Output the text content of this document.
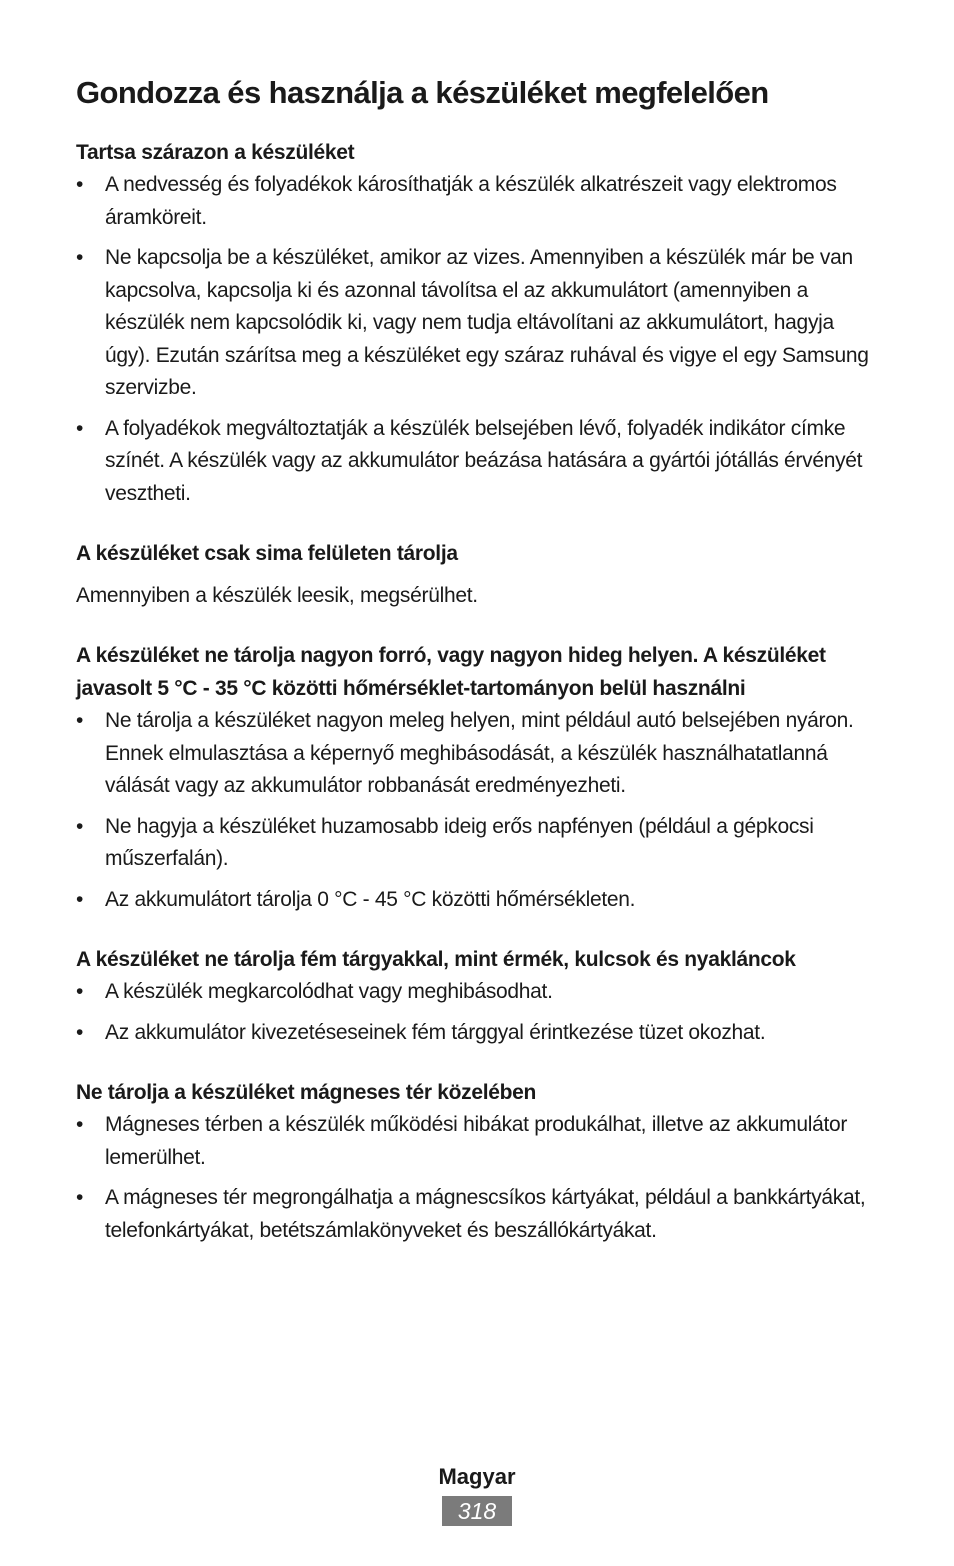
Gondozza és használja a készüléket megfelelően
Tartsa szárazon a készüléket
• A nedvesség és folyadékok károsíthatják a készülék alkatrészeit vagy elektromos áramköreit.
• Ne kapcsolja be a készüléket, amikor az vizes. Amennyiben a készülék már be van kapcsolva, kapcsolja ki és azonnal távolítsa el az akkumulátort (amennyiben a készülék nem kapcsolódik ki, vagy nem tudja eltávolítani az akkumulátort, hagyja úgy). Ezután szárítsa meg a készüléket egy száraz ruhával és vigye el egy Samsung szervizbe.
• A folyadékok megváltoztatják a készülék belsejében lévő, folyadék indikátor címke színét. A készülék vagy az akkumulátor beázása hatására a gyártói jótállás érvényét vesztheti.
A készüléket csak sima felületen tárolja

Amennyiben a készülék leesik, megsérülhet.

A készüléket ne tárolja nagyon forró, vagy nagyon hideg helyen. A készüléket javasolt 5 °C - 35 °C közötti hőmérséklet-tartományon belül használni
• Ne tárolja a készüléket nagyon meleg helyen, mint például autó belsejében nyáron. Ennek elmulasztása a képernyő meghibásodását, a készülék használhatatlanná válását vagy az akkumulátor robbanását eredményezheti.
• Ne hagyja a készüléket huzamosabb ideig erős napfényen (például a gépkocsi műszerfalán).
• Az akkumulátort tárolja 0 °C - 45 °C közötti hőmérsékleten.
A készüléket ne tárolja fém tárgyakkal, mint érmék, kulcsok és nyakláncok
• A készülék megkarcolódhat vagy meghibásodhat.
• Az akkumulátor kivezetéseseinek fém tárggyal érintkezése tüzet okozhat.
Ne tárolja a készüléket mágneses tér közelében
• Mágneses térben a készülék működési hibákat produkálhat, illetve az akkumulátor lemerülhet.
• A mágneses tér megrongálhatja a mágnescsíkos kártyákat, például a bankkártyákat, telefonkártyákat, betétszámlakönyveket és beszállókártyákat.
Magyar
318
